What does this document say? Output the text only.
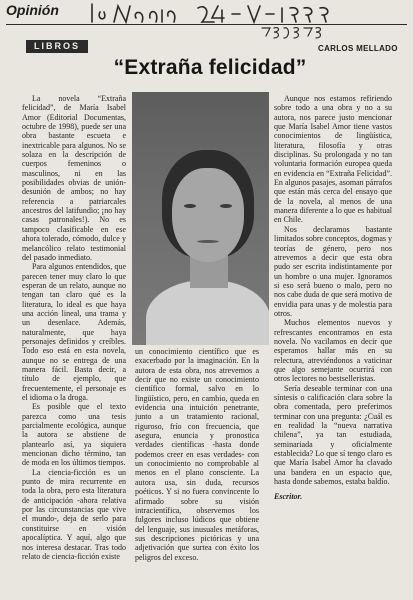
Opinión
LIBROS	CARLOS MELLADO
“Extraña felicidad”

La novela “Extraña felicidad”, de María Isabel Amor (Editorial Documentas, octubre de 1998), puede ser una obra bastante escueta e inextricable para algunos. No se solaza en la descripción de cuerpos femeninos o masculinos, ni en las posibilidades obvias de unión-desunión de ambos; no hay referencia a patriarcales ancestros del latifundio; ¡no hay casas patronales!). No es tampoco clasificable en ese ahora tolerado, cómodo, dulce y melancólico relato testimonial del pasado inmediato.

Para algunos entendidos, que parecen tener muy claro lo que esperan de un relato, aunque no tengan tan claro qué es la literatura, lo ideal es que haya una acción lineal, una trama y un desenlace. Además, naturalmente, que haya personajes definidos y creíbles. Todo eso está en esta novela, aunque no se entrega de una manera fácil. Basta decir, a título de ejemplo, que frecuentemente, el personaje es el idioma o la droga.

Es posible que el texto parezca como una tesis parcialmente ecológica, aunque la autora se abstiene de plantearlo así, ya siquiera mencionan dicho término, tan de moda en los últimos tiempos.

La ciencia-ficción es un punto de mira recurrente en toda la obra, pero esta literatura de anticipación -ahora relativa por las circunstancias que vive el mundo-, deja de serlo para constituirse en visión apocalíptica. Y aquí, algo que nos interesa destacar. Tras todo relato de ciencia-ficción existe

un conocimiento científico que es exacerbado por la imaginación. En la autora de esta obra, nos atrevemos a decir que no existe un conocimiento científico formal, salvo en lo lingüístico, pero, en cambio, queda en evidencia una intuición penetrante, junto a un tratamiento racional, riguroso, frío con frecuencia, que asegura, enuncia y pronostica verdades científicas -hasta donde podemos creer en esas verdades- con un conocimiento no comprobable al menos en el plano consciente. La autora usa, sin duda, recursos poéticos. Y si no fuera convincente lo afirmado sobre su visión intracientífica, observemos los fulgores incluso lúdicos que obtiene del lenguaje, sus inusuales metáforas, sus descripciones pictóricas y una adjetivación que surtea con éxito los peligros del exceso.

Aunque nos estamos refiriendo sobre todo a una obra y no a su autora, nos parece justo mencionar que María Isabel Amor tiene vastos conocimientos de lingüística, literatura, filosofía y otras disciplinas. Su prolongada y no tan voluntaria formación europea queda en evidencia en “Extraña Felicidad”. En algunos pasajes, asoman párrafos que están más cerca del ensayo que de la novela, al menos de una manera diferente a lo que es habitual en Chile.

Nos declaramos bastante limitados sobre conceptos, dogmas y teorías de género, pero nos atrevemos a decir que esta obra pudo ser escrita indistintamente por un hombre o una mujer. Ignoramos si eso será bueno o malo, pero no nos cabe duda de que será motivo de envidia para unas y de molestia para otros.

Muchos elementos nuevos y refrescantes encontramos en esta novela. No vacilamos en decir que esperamos hallar más en su relectura, atreviéndonos a vaticinar que algo semejante ocurrirá con otros lectores no bestselleristas.

Sería deseable terminar con una síntesis o calificación clara sobre la obra comentada, pero preferimos terminar con una pregunta: ¿Cuál es en realidad la “nueva narrativa chilena”, ya tan estudiada, seminariada y oficialmente establecida? Lo que sí tengo claro es que María Isabel Amor ha clavado una bandera en un espacio que, hasta donde sabemos, estaba baldío.

Escritor.
